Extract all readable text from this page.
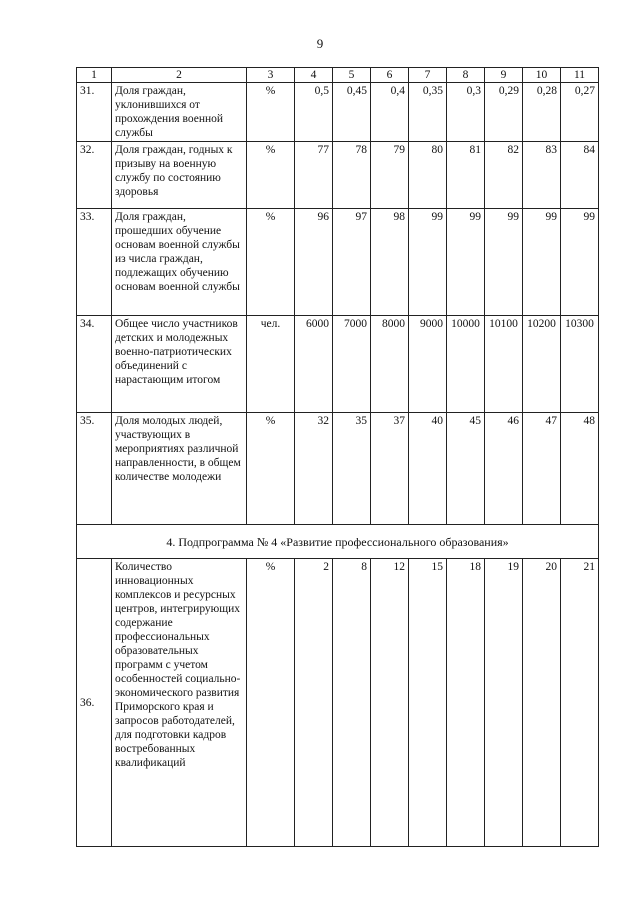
9
1	2	3	4	5	6	7	8	9	10	11
31.	Доля граждан, уклонившихся от прохождения военной службы	%	0,5	0,45	0,4	0,35	0,3	0,29	0,28	0,27
32.	Доля граждан, годных к призыву на военную службу по состоянию здоровья	%	77	78	79	80	81	82	83	84
33.	Доля граждан, прошедших обучение основам военной службы из числа граждан, подлежащих обучению основам военной службы	%	96	97	98	99	99	99	99	99
34.	Общее число участников детских и молодежных военно-патриотических объединений с нарастающим итогом	чел.	6000	7000	8000	9000	10000	10100	10200	10300
35.	Доля молодых людей, участвующих в мероприятиях различной направленности, в общем количестве молодежи	%	32	35	37	40	45	46	47	48
4. Подпрограмма № 4 «Развитие профессионального образования»										
36.	Количество инновационных комплексов и ресурсных центров, интегрирующих содержание профессиональных образовательных программ с учетом особенностей социально-экономического развития Приморского края и запросов работодателей, для подготовки кадров востребованных квалификаций	%	2	8	12	15	18	19	20	21
